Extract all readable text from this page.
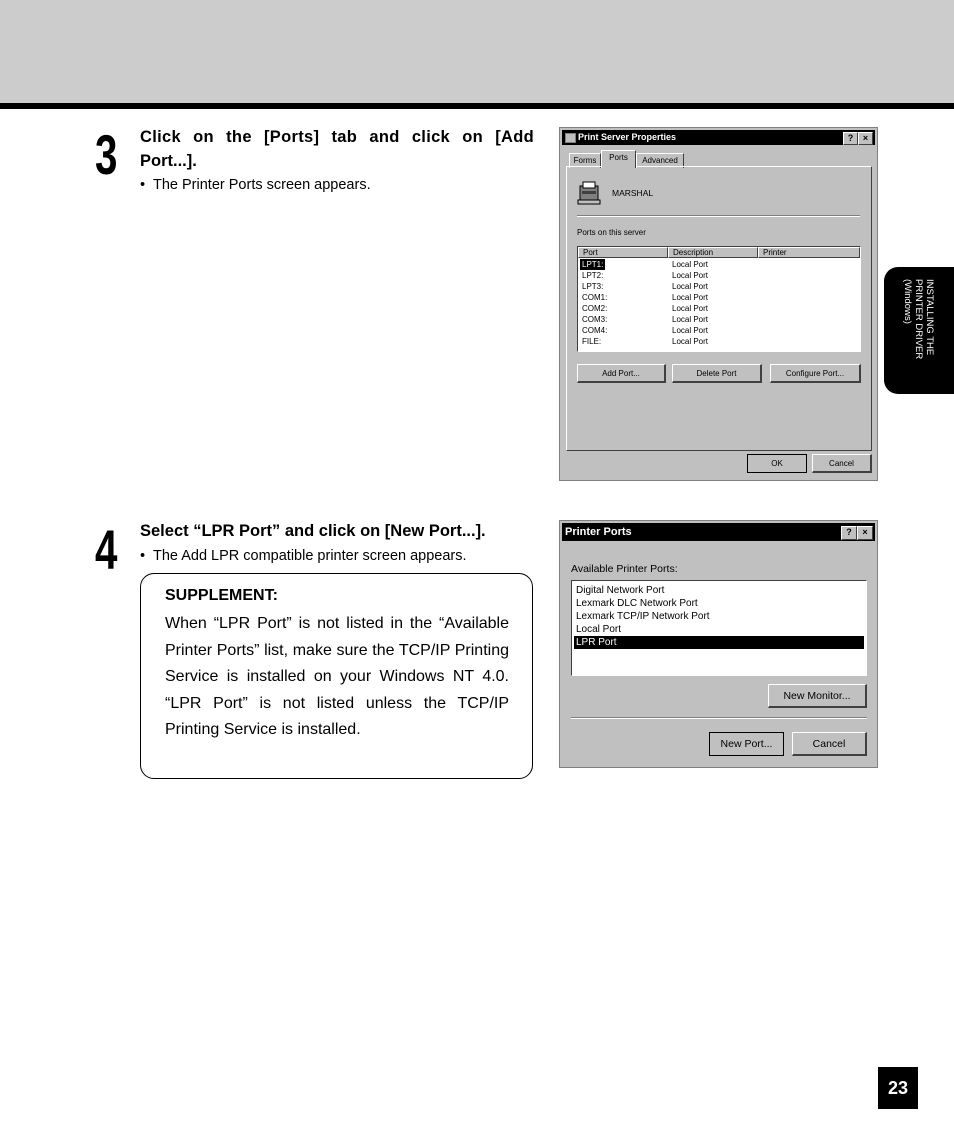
3 Click on the [Ports] tab and click on [Add
Port...].
• The Printer Ports screen appears.
4 Select “LPR Port” and click on [New Port...].
• The Add LPR compatible printer screen appears.
SUPPLEMENT:
When “LPR Port” is not listed in the “Available Printer Ports” list, make sure the TCP/IP Printing Service is installed on your Windows NT 4.0. “LPR Port” is not listed unless the TCP/IP Printing Service is installed.
INSTALLING THE
PRINTER DRIVER
(Windows)
23
Print Server Properties	?	×
Forms	Ports	Advanced
MARSHAL
Ports on this server
Port	Description	Printer
LPT1:	Local Port
LPT2:	Local Port
LPT3:	Local Port
COM1:	Local Port
COM2:	Local Port
COM3:	Local Port
COM4:	Local Port
FILE:	Local Port
Add Port...	Delete Port	Configure Port...
OK	Cancel
Printer Ports	?	×
Available Printer Ports:
Digital Network Port
Lexmark DLC Network Port
Lexmark TCP/IP Network Port
Local Port
LPR Port
New Monitor...
New Port...	Cancel
